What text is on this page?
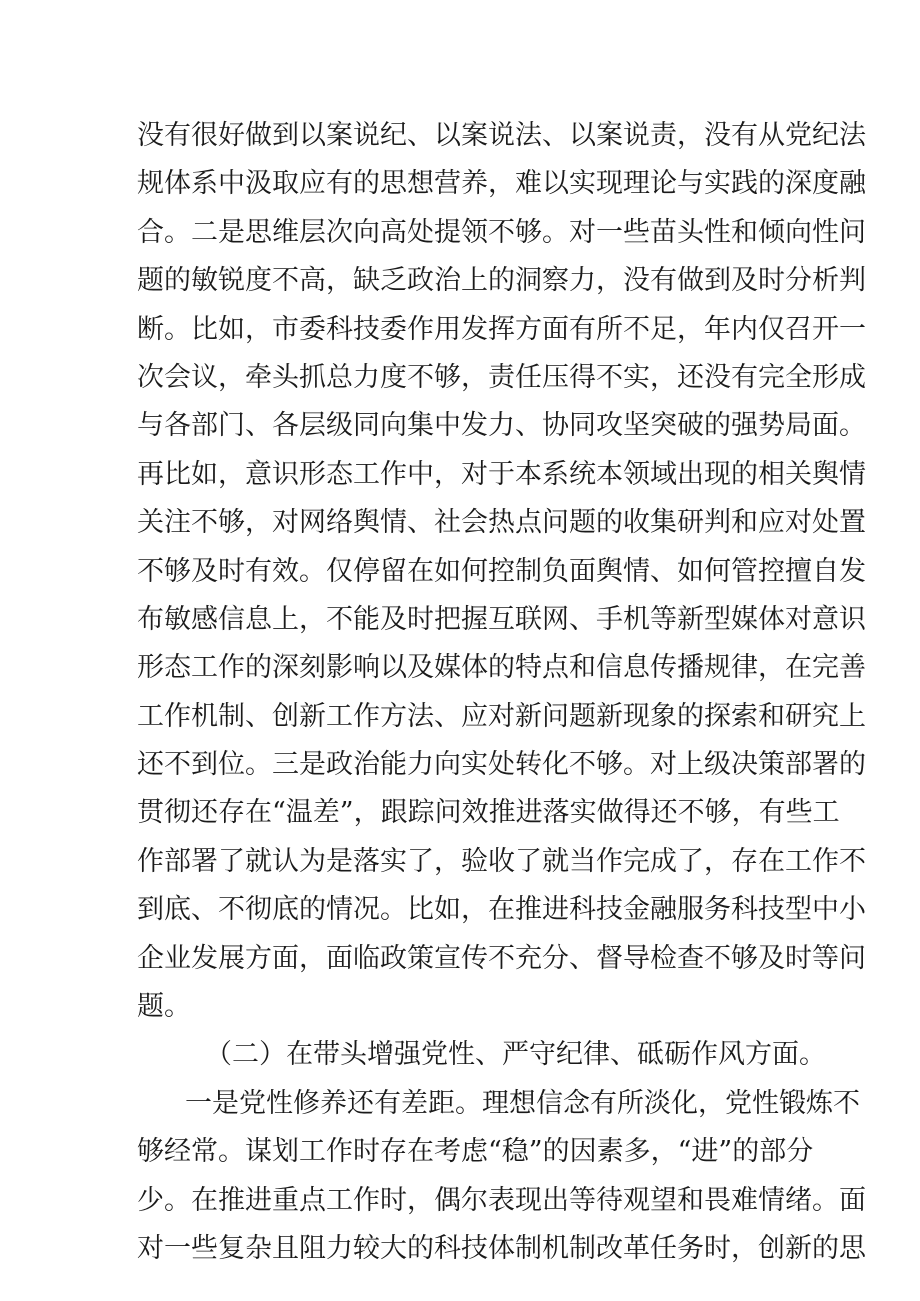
没有很好做到以案说纪、以案说法、以案说责，没有从党纪法
规体系中汲取应有的思想营养，难以实现理论与实践的深度融
合。二是思维层次向高处提领不够。对一些苗头性和倾向性问
题的敏锐度不高，缺乏政治上的洞察力，没有做到及时分析判
断。比如，市委科技委作用发挥方面有所不足，年内仅召开一
次会议，牵头抓总力度不够，责任压得不实，还没有完全形成
与各部门、各层级同向集中发力、协同攻坚突破的强势局面。
再比如，意识形态工作中，对于本系统本领域出现的相关舆情
关注不够，对网络舆情、社会热点问题的收集研判和应对处置
不够及时有效。仅停留在如何控制负面舆情、如何管控擅自发
布敏感信息上，不能及时把握互联网、手机等新型媒体对意识
形态工作的深刻影响以及媒体的特点和信息传播规律，在完善
工作机制、创新工作方法、应对新问题新现象的探索和研究上
还不到位。三是政治能力向实处转化不够。对上级决策部署的
贯彻还存在“温差”，跟踪问效推进落实做得还不够，有些工
作部署了就认为是落实了，验收了就当作完成了，存在工作不
到底、不彻底的情况。比如，在推进科技金融服务科技型中小
企业发展方面，面临政策宣传不充分、督导检查不够及时等问
题。
（二）在带头增强党性、严守纪律、砥砺作风方面。
一是党性修养还有差距。理想信念有所淡化，党性锻炼不
够经常。谋划工作时存在考虑“稳”的因素多，“进”的部分
少。在推进重点工作时，偶尔表现出等待观望和畏难情绪。面
对一些复杂且阻力较大的科技体制机制改革任务时，创新的思
